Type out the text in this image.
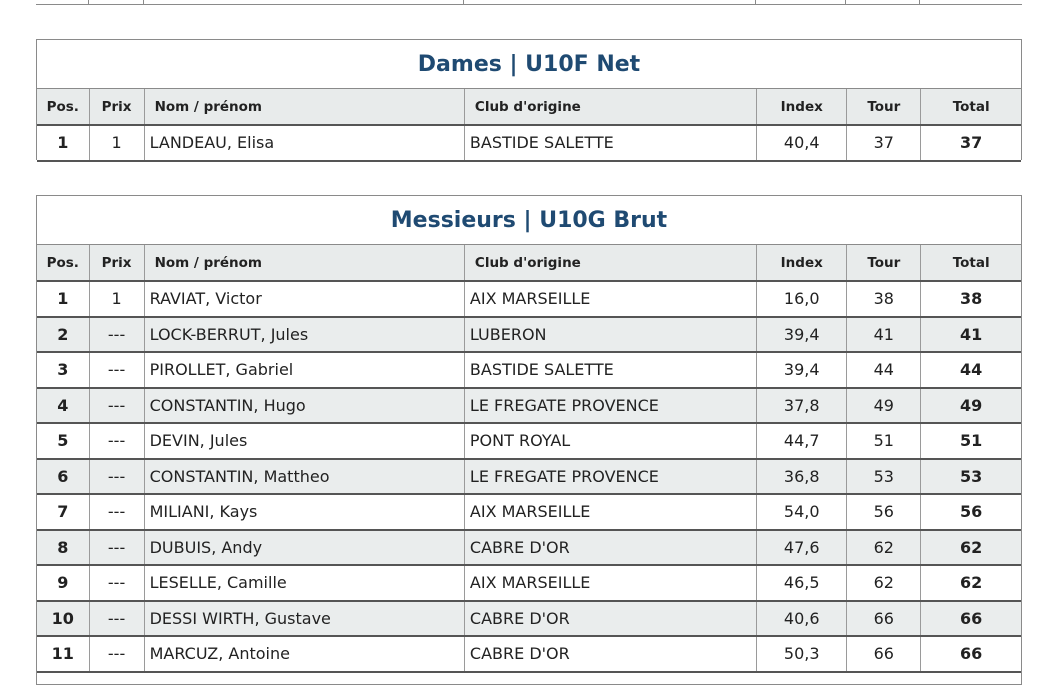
Dames | U10F Net
Pos.	Prix	Nom / prénom	Club d'origine	Index	Tour	Total
1	1	LANDEAU, Elisa	BASTIDE SALETTE	40,4	37	37
Messieurs | U10G Brut
Pos.	Prix	Nom / prénom	Club d'origine	Index	Tour	Total
1	1	RAVIAT, Victor	AIX MARSEILLE	16,0	38	38
2	---	LOCK-BERRUT, Jules	LUBERON	39,4	41	41
3	---	PIROLLET, Gabriel	BASTIDE SALETTE	39,4	44	44
4	---	CONSTANTIN, Hugo	LE FREGATE PROVENCE	37,8	49	49
5	---	DEVIN, Jules	PONT ROYAL	44,7	51	51
6	---	CONSTANTIN, Mattheo	LE FREGATE PROVENCE	36,8	53	53
7	---	MILIANI, Kays	AIX MARSEILLE	54,0	56	56
8	---	DUBUIS, Andy	CABRE D'OR	47,6	62	62
9	---	LESELLE, Camille	AIX MARSEILLE	46,5	62	62
10	---	DESSI WIRTH, Gustave	CABRE D'OR	40,6	66	66
11	---	MARCUZ, Antoine	CABRE D'OR	50,3	66	66
